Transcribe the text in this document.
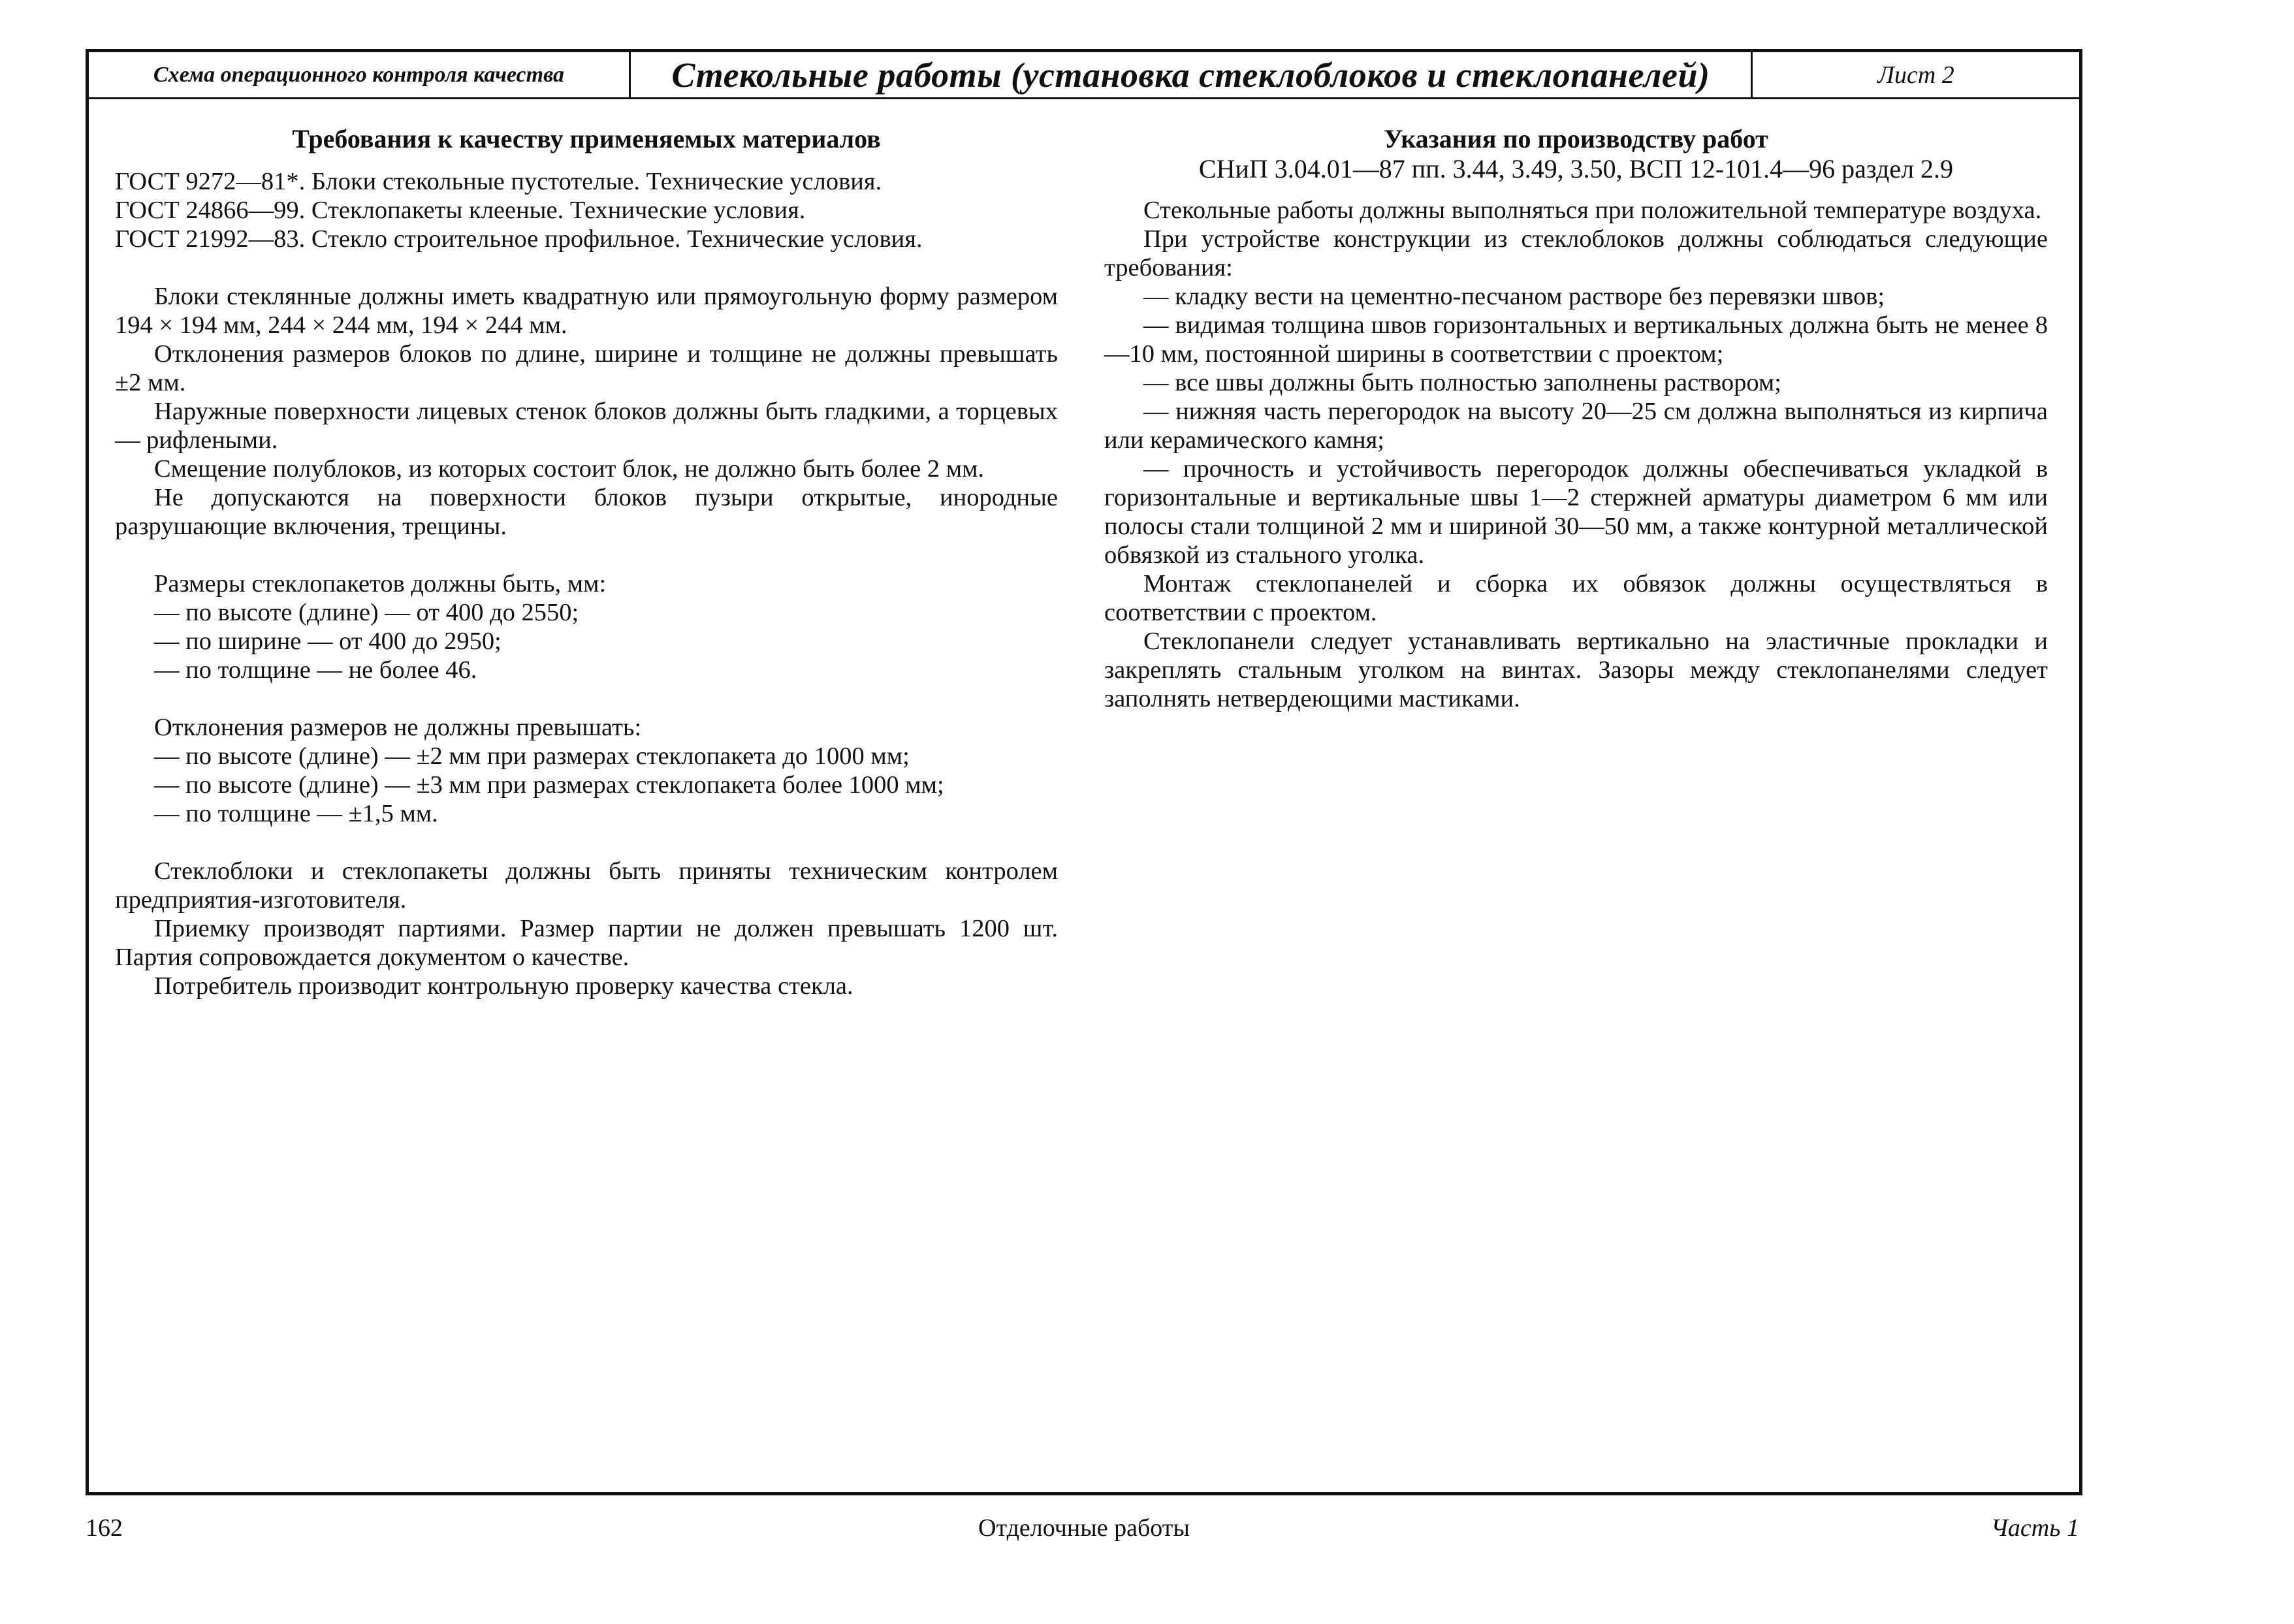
Схема операционного контроля качества	Стекольные работы (установка стеклоблоков и стеклопанелей)	Лист 2
Требования к качеству применяемых материалов

ГОСТ 9272—81*. Блоки стекольные пустотелые. Технические условия.

ГОСТ 24866—99. Стеклопакеты клееные. Технические условия.

ГОСТ 21992—83. Стекло строительное профильное. Технические условия.

Блоки стеклянные должны иметь квадратную или прямоугольную форму размером 194 × 194 мм, 244 × 244 мм, 194 × 244 мм.

Отклонения размеров блоков по длине, ширине и толщине не должны превышать ±2 мм.

Наружные поверхности лицевых стенок блоков должны быть гладкими, а торцевых — рифлеными.

Смещение полублоков, из которых состоит блок, не должно быть более 2 мм.

Не допускаются на поверхности блоков пузыри открытые, инородные разрушающие включения, трещины.

Размеры стеклопакетов должны быть, мм:

— по высоте (длине) — от 400 до 2550;

— по ширине — от 400 до 2950;

— по толщине — не более 46.

Отклонения размеров не должны превышать:

— по высоте (длине) — ±2 мм при размерах стеклопакета до 1000 мм;

— по высоте (длине) — ±3 мм при размерах стеклопакета более 1000 мм;

— по толщине — ±1,5 мм.

Стеклоблоки и стеклопакеты должны быть приняты техническим контролем предприятия-изготовителя.

Приемку производят партиями. Размер партии не должен превышать 1200 шт. Партия сопровождается документом о качестве.

Потребитель производит контрольную проверку качества стекла.

Указания по производству работ
СНиП 3.04.01—87 пп. 3.44, 3.49, 3.50, ВСП 12-101.4—96 раздел 2.9

Стекольные работы должны выполняться при положительной температуре воздуха.

При устройстве конструкции из стеклоблоков должны соблюдаться следующие требования:

— кладку вести на цементно-песчаном растворе без перевязки швов;

— видимая толщина швов горизонтальных и вертикальных должна быть не менее 8—10 мм, постоянной ширины в соответствии с проектом;

— все швы должны быть полностью заполнены раствором;

— нижняя часть перегородок на высоту 20—25 см должна выполняться из кирпича или керамического камня;

— прочность и устойчивость перегородок должны обеспечиваться укладкой в горизонтальные и вертикальные швы 1—2 стержней арматуры диаметром 6 мм или полосы стали толщиной 2 мм и шириной 30—50 мм, а также контурной металлической обвязкой из стального уголка.

Монтаж стеклопанелей и сборка их обвязок должны осуществляться в соответствии с проектом.

Стеклопанели следует устанавливать вертикально на эластичные прокладки и закреплять стальным уголком на винтах. Зазоры между стеклопанелями следует заполнять нетвердеющими мастиками.

162	Отделочные работы	Часть 1
